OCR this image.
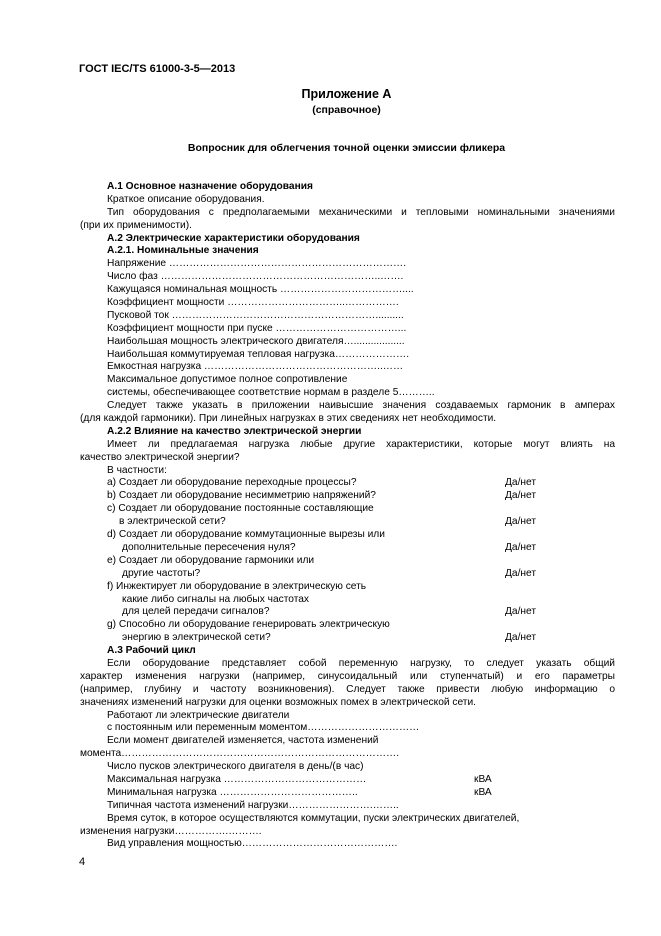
ГОСТ IEC/TS 61000-3-5—2013
Приложение А
(справочное)
Вопросник для облегчения точной оценки эмиссии фликера
A.1 Основное назначение оборудования
Краткое описание оборудования.
Тип оборудования с предполагаемыми механическими и тепловыми номинальными значениями
(при их применимости).
A.2 Электрические характеристики оборудования
A.2.1. Номинальные значения
Напряжение …………………………………………………………….
Число фаз ………………………………………………………..…….
Кажущаяся номинальная мощность ………………………………....
Коэффициент мощности ……………………………..…………….
Пусковой ток ……………………………………………………..........
Коэффициент мощности при пуске ………………………………...
Наибольшая мощность электрического двигателя…..................
Наибольшая коммутируемая тепловая нагрузка………………….
Емкостная нагрузка ……………………………………………..……
Максимальное допустимое полное сопротивление
системы, обеспечивающее соответствие нормам в разделе 5………..
Следует также указать в приложении наивысшие значения создаваемых гармоник в амперах
(для каждой гармоники). При линейных нагрузках в этих сведениях нет необходимости.
A.2.2 Влияние на качество электрической энергии
Имеет ли предлагаемая нагрузка любые другие характеристики, которые могут влиять на
качество электрической энергии?
В частности:
a) Создает ли оборудование переходные процессы?	Да/нет
b) Создает ли оборудование несимметрию напряжений?	Да/нет
c) Создает ли оборудование постоянные составляющие
в электрической сети?	Да/нет
d) Создает ли оборудование коммутационные вырезы или
дополнительные пересечения нуля?	Да/нет
e) Создает ли оборудование гармоники или
другие частоты?	Да/нет
f) Инжектирует ли оборудование в электрическую сеть
какие либо сигналы на любых частотах
для целей передачи сигналов?	Да/нет
g) Способно ли оборудование генерировать электрическую
энергию в электрической сети?	Да/нет
A.3 Рабочий цикл
Если оборудование представляет собой переменную нагрузку, то следует указать общий
характер изменения нагрузки (например, синусоидальный или ступенчатый) и его параметры
(например, глубину и частоту возникновения). Следует также привести любую информацию о
значениях изменений нагрузки для оценки возможных помех в электрической сети.
Работают ли электрические двигатели
с постоянным или переменным моментом……………………………
Если момент двигателей изменяется, частота изменений
момента……………………………………………………………………….
Число пусков электрического двигателя в день/(в час)
Максимальная нагрузка ……………………………………	кВА
Минимальная нагрузка …………………………………..	кВА
Типичная частота изменений нагрузки…………………….……..
Время суток, в которое осуществляются коммутации, пуски электрических двигателей,
изменения нагрузки…………….……….
Вид управления мощностью……………………………………….
4
